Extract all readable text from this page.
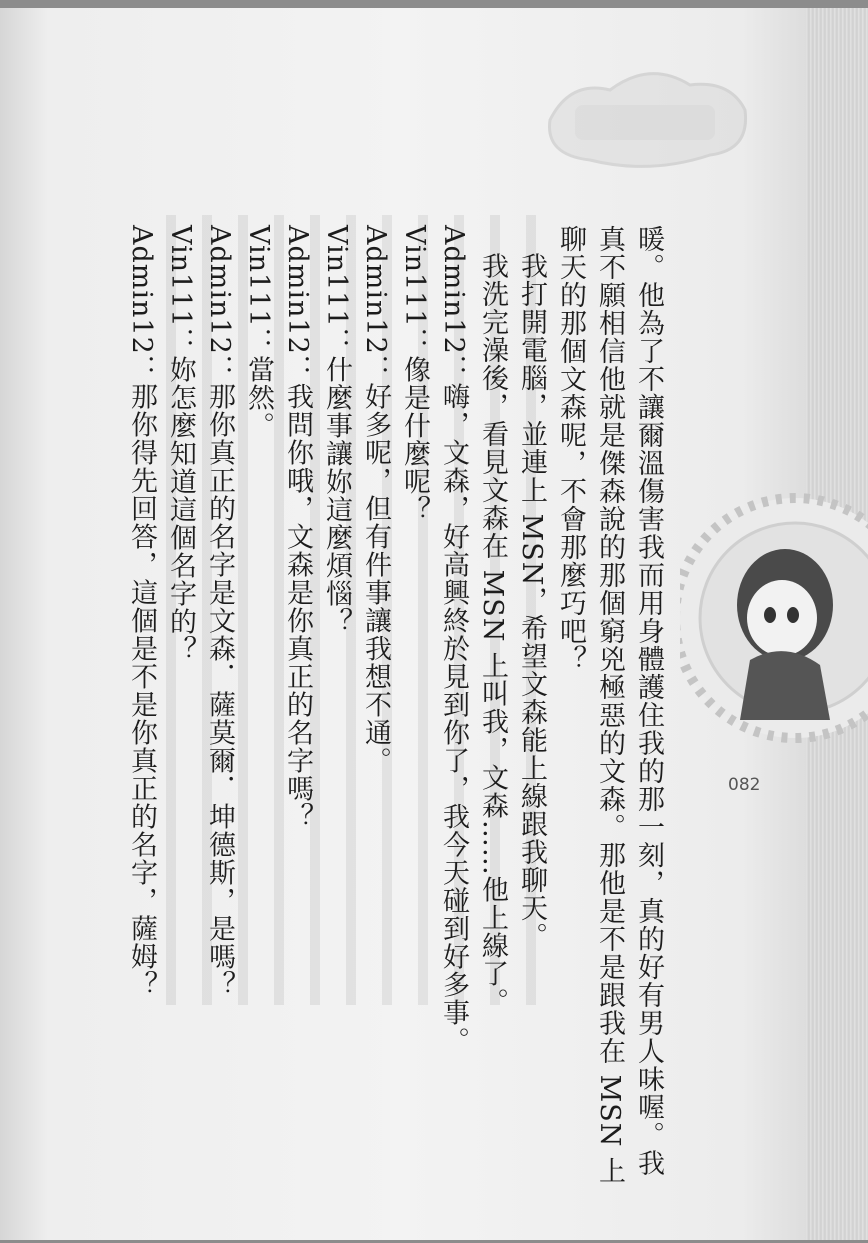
暖。他為了不讓爾溫傷害我而用身體護住我的那一刻，真的好有男人味喔。我真不願相信他就是傑森說的那個窮兇極惡的文森。那他是不是跟我在 MSN 上聊天的那個文森呢，不會那麼巧吧？

我打開電腦，並連上 MSN，希望文森能上線跟我聊天。

我洗完澡後，看見文森在 MSN 上叫我，文森……他上線了。

Admin12：嗨，文森，好高興終於見到你了，我今天碰到好多事。

Vin111：像是什麼呢？

Admin12：好多呢，但有件事讓我想不通。

Vin111：什麼事讓妳這麼煩惱？

Admin12：我問你哦，文森是你真正的名字嗎？

Vin111：當然。

Admin12：那你真正的名字是文森．薩莫爾．坤德斯，是嗎？

Vin111：妳怎麼知道這個名字的？

Admin12：那你得先回答，這個是不是你真正的名字，薩姆？	082
